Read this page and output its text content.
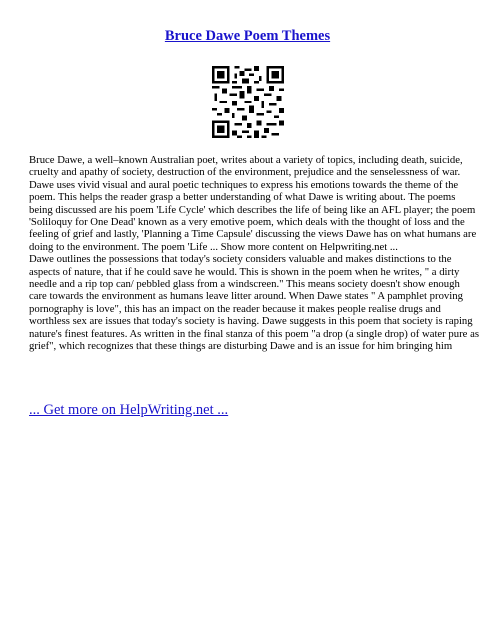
Bruce Dawe Poem Themes

Bruce Dawe, a well–known Australian poet, writes about a variety of topics, including death, suicide, cruelty and apathy of society, destruction of the environment, prejudice and the senselessness of war. Dawe uses vivid visual and aural poetic techniques to express his emotions towards the theme of the poem. This helps the reader grasp a better understanding of what Dawe is writing about. The poems being discussed are his poem 'Life Cycle' which describes the life of being like an AFL player; the poem 'Soliloquy for One Dead' known as a very emotive poem, which deals with the thought of loss and the feeling of grief and lastly, 'Planning a Time Capsule' discussing the views Dawe has on what humans are doing to the environment. The poem 'Life ... Show more content on Helpwriting.net ...

Dawe outlines the possessions that today's society considers valuable and makes distinctions to the aspects of nature, that if he could save he would. This is shown in the poem when he writes, " a dirty needle and a rip top can/ pebbled glass from a windscreen." This means society doesn't show enough care towards the environment as humans leave litter around. When Dawe states " A pamphlet proving pornography is love", this has an impact on the reader because it makes people realise drugs and worthless sex are issues that today's society is having. Dawe suggests in this poem that society is raping nature's finest features. As written in the final stanza of this poem "a drop (a single drop) of water pure as grief", which recognizes that these things are disturbing Dawe and is an issue for him bringing him

... Get more on HelpWriting.net ...
